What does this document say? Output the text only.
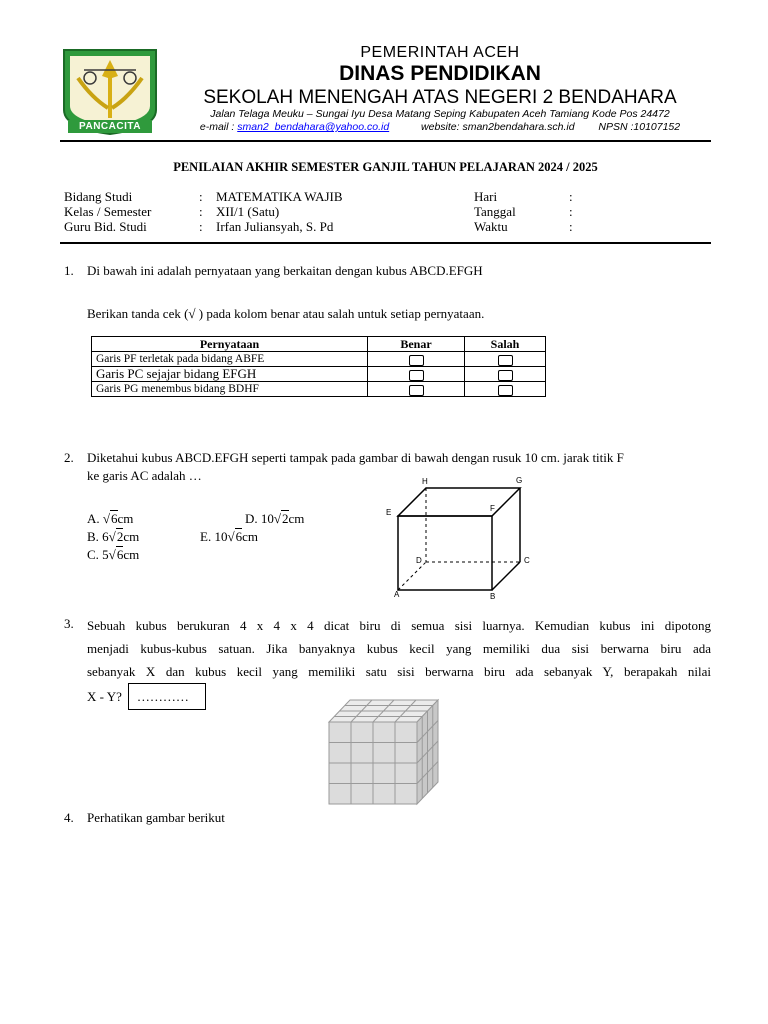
PANCACITA
PEMERINTAH ACEH
DINAS PENDIDIKAN
SEKOLAH MENENGAH ATAS NEGERI 2 BENDAHARA
Jalan Telaga Meuku – Sungai Iyu Desa Matang Seping Kabupaten Aceh Tamiang Kode Pos 24472
e-mail : sman2_bendahara@yahoo.co.id	website: sman2bendahara.sch.id NPSN :10107152
PENILAIAN AKHIR SEMESTER GANJIL TAHUN PELAJARAN 2024 / 2025
Bidang Studi	: MATEMATIKA WAJIB
Kelas / Semester	: XII/1 (Satu)
Guru Bid. Studi	: Irfan Juliansyah, S. Pd
Hari	:
Tanggal	:
Waktu	:
1. Di bawah ini adalah pernyataan yang berkaitan dengan kubus ABCD.EFGH
Berikan tanda cek (√ ) pada kolom benar atau salah untuk setiap pernyataan.
Pernyataan	Benar	Salah
Garis PF terletak pada bidang ABFE		
Garis PC sejajar bidang EFGH		
Garis PG menembus bidang BDHF		
2. Diketahui kubus ABCD.EFGH seperti tampak pada gambar di bawah dengan rusuk 10 cm. jarak titik F
ke garis AC adalah …
A. √6cm
B. 6√2cm
C. 5√6cm
D. 10√2cm
E. 10√6cm
H	G
E	F
D	C
A	B
3. Sebuah kubus berukuran 4 x 4 x 4 dicat biru di semua sisi luarnya. Kemudian kubus ini dipotong
menjadi kubus-kubus satuan. Jika banyaknya kubus kecil yang memiliki dua sisi berwarna biru ada
sebanyak X dan kubus kecil yang memiliki satu sisi berwarna biru ada sebanyak Y, berapakah nilai
X - Y? …………
4. Perhatikan gambar berikut
